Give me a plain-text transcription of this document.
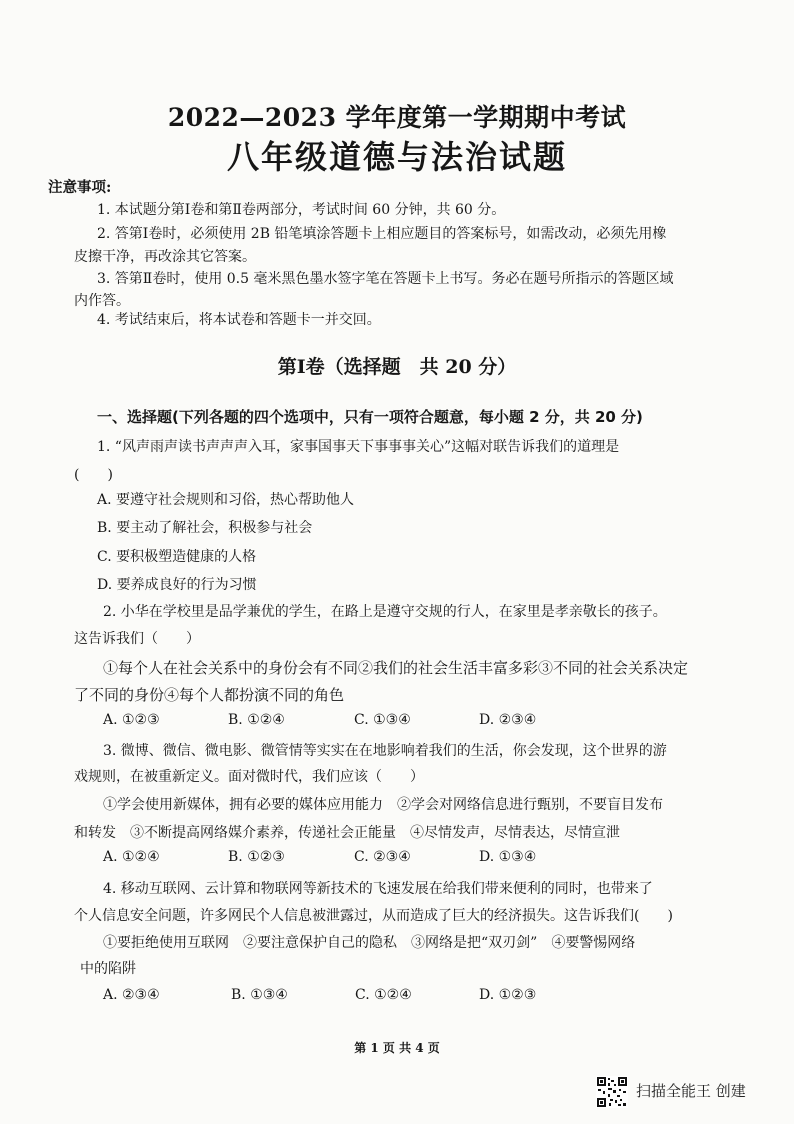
2022—2023 学年度第一学期期中考试
八年级道德与法治试题
注意事项:
1. 本试题分第Ⅰ卷和第Ⅱ卷两部分，考试时间 60 分钟，共 60 分。
2. 答第Ⅰ卷时，必须使用 2B 铅笔填涂答题卡上相应题目的答案标号，如需改动，必须先用橡
皮擦干净，再改涂其它答案。
3. 答第Ⅱ卷时，使用 0.5 毫米黑色墨水签字笔在答题卡上书写。务必在题号所指示的答题区域
内作答。
4. 考试结束后，将本试卷和答题卡一并交回。
第Ⅰ卷（选择题　共 20 分）
一、选择题(下列各题的四个选项中，只有一项符合题意，每小题 2 分，共 20 分)
1. “风声雨声读书声声声入耳，家事国事天下事事事关心”这幅对联告诉我们的道理是
(　　)
A. 要遵守社会规则和习俗，热心帮助他人
B. 要主动了解社会，积极参与社会
C. 要积极塑造健康的人格
D. 要养成良好的行为习惯
2. 小华在学校里是品学兼优的学生，在路上是遵守交规的行人，在家里是孝亲敬长的孩子。
这告诉我们（　　）
①每个人在社会关系中的身份会有不同②我们的社会生活丰富多彩③不同的社会关系决定
了不同的身份④每个人都扮演不同的角色
A. ①②③	B. ①②④	C. ①③④	D. ②③④
3. 微博、微信、微电影、微管情等实实在在地影响着我们的生活，你会发现，这个世界的游
戏规则，在被重新定义。面对微时代，我们应该（　　）
①学会使用新媒体，拥有必要的媒体应用能力　②学会对网络信息进行甄别，不要盲目发布
和转发　③不断提高网络媒介素养，传递社会正能量　④尽情发声，尽情表达，尽情宣泄
A. ①②④	B. ①②③	C. ②③④	D. ①③④
4. 移动互联网、云计算和物联网等新技术的飞速发展在给我们带来便利的同时，也带来了
个人信息安全问题，许多网民个人信息被泄露过，从而造成了巨大的经济损失。这告诉我们(　　)
①要拒绝使用互联网　②要注意保护自己的隐私　③网络是把“双刃剑”　④要警惕网络
中的陷阱
A. ②③④	B. ①③④	C. ①②④	D. ①②③
第 1 页 共 4 页
扫描全能王 创建
